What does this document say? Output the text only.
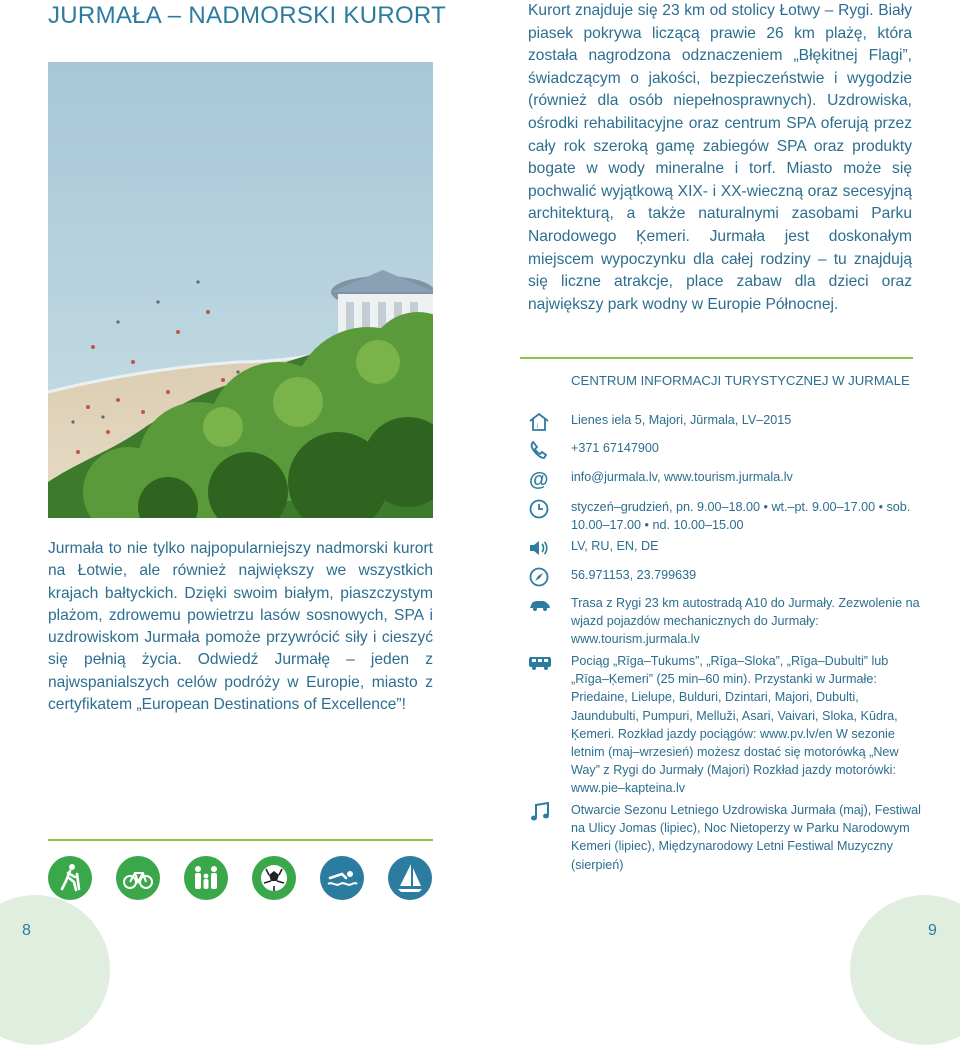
JURMAŁA – NADMORSKI KURORT

Jurmała to nie tylko najpopularniejszy nadmorski kurort na Łotwie, ale również największy we wszystkich krajach bałtyckich. Dzięki swoim białym, piaszczystym plażom, zdrowemu powietrzu lasów sosnowych, SPA i uzdrowiskom Jurmała pomoże przywrócić siły i cieszyć się pełnią życia. Odwiedź Jurmałę – jeden z najwspanialszych celów podróży w Europie, miasto z certyfikatem „European Destinations of Excellence”!

Kurort znajduje się 23 km od stolicy Łotwy – Rygi. Biały piasek pokrywa liczącą prawie 26 km plażę, która została nagrodzona odznaczeniem „Błękitnej Flagi”, świadczącym o jakości, bezpieczeństwie i wygodzie (również dla osób niepełnosprawnych). Uzdrowiska, ośrodki rehabilitacyjne oraz centrum SPA oferują przez cały rok szeroką gamę zabiegów SPA oraz produkty bogate w wody mineralne i torf. Miasto może się pochwalić wyjątkową XIX- i XX-wieczną oraz secesyjną architekturą, a także naturalnymi zasobami Parku Narodowego Ķemeri. Jurmała jest doskonałym miejscem wypoczynku dla całej rodziny – tu znajdują się liczne atrakcje, place zabaw dla dzieci oraz największy park wodny w Europie Północnej.

CENTRUM INFORMACJI TURYSTYCZNEJ W JURMALE
i	Lienes iela 5, Majori, Jūrmala, LV–2015
+371 67147900
@ info@jurmala.lv, www.tourism.jurmala.lv
styczeń–grudzień, pn. 9.00–18.00 • wt.–pt. 9.00–17.00 • sob. 10.00–17.00 • nd. 10.00–15.00
LV, RU, EN, DE
56.971153, 23.799639
Trasa z Rygi 23 km autostradą A10 do Jurmały. Zezwolenie na wjazd pojazdów mechanicznych do Jurmały: www.tourism.jurmala.lv
Pociąg „Rīga–Tukums”, „Rīga–Sloka”, „Rīga–Dubulti” lub „Rīga–Ķemeri” (25 min–60 min). Przystanki w Jurmałe: Priedaine, Lielupe, Bulduri, Dzintari, Majori, Dubulti, Jaundubulti, Pumpuri, Melluži, Asari, Vaivari, Sloka, Kūdra, Ķemeri. Rozkład jazdy pociągów: www.pv.lv/en W sezonie letnim (maj–wrzesień) możesz dostać się motorówką „New Way” z Rygi do Jurmały (Majori) Rozkład jazdy motorówki: www.pie–kapteina.lv
Otwarcie Sezonu Letniego Uzdrowiska Jurmała (maj), Festiwal na Ulicy Jomas (lipiec), Noc Nietoperzy w Parku Narodowym Kemeri (lipiec), Międzynarodowy Letni Festiwal Muzyczny (sierpień)
8	9
